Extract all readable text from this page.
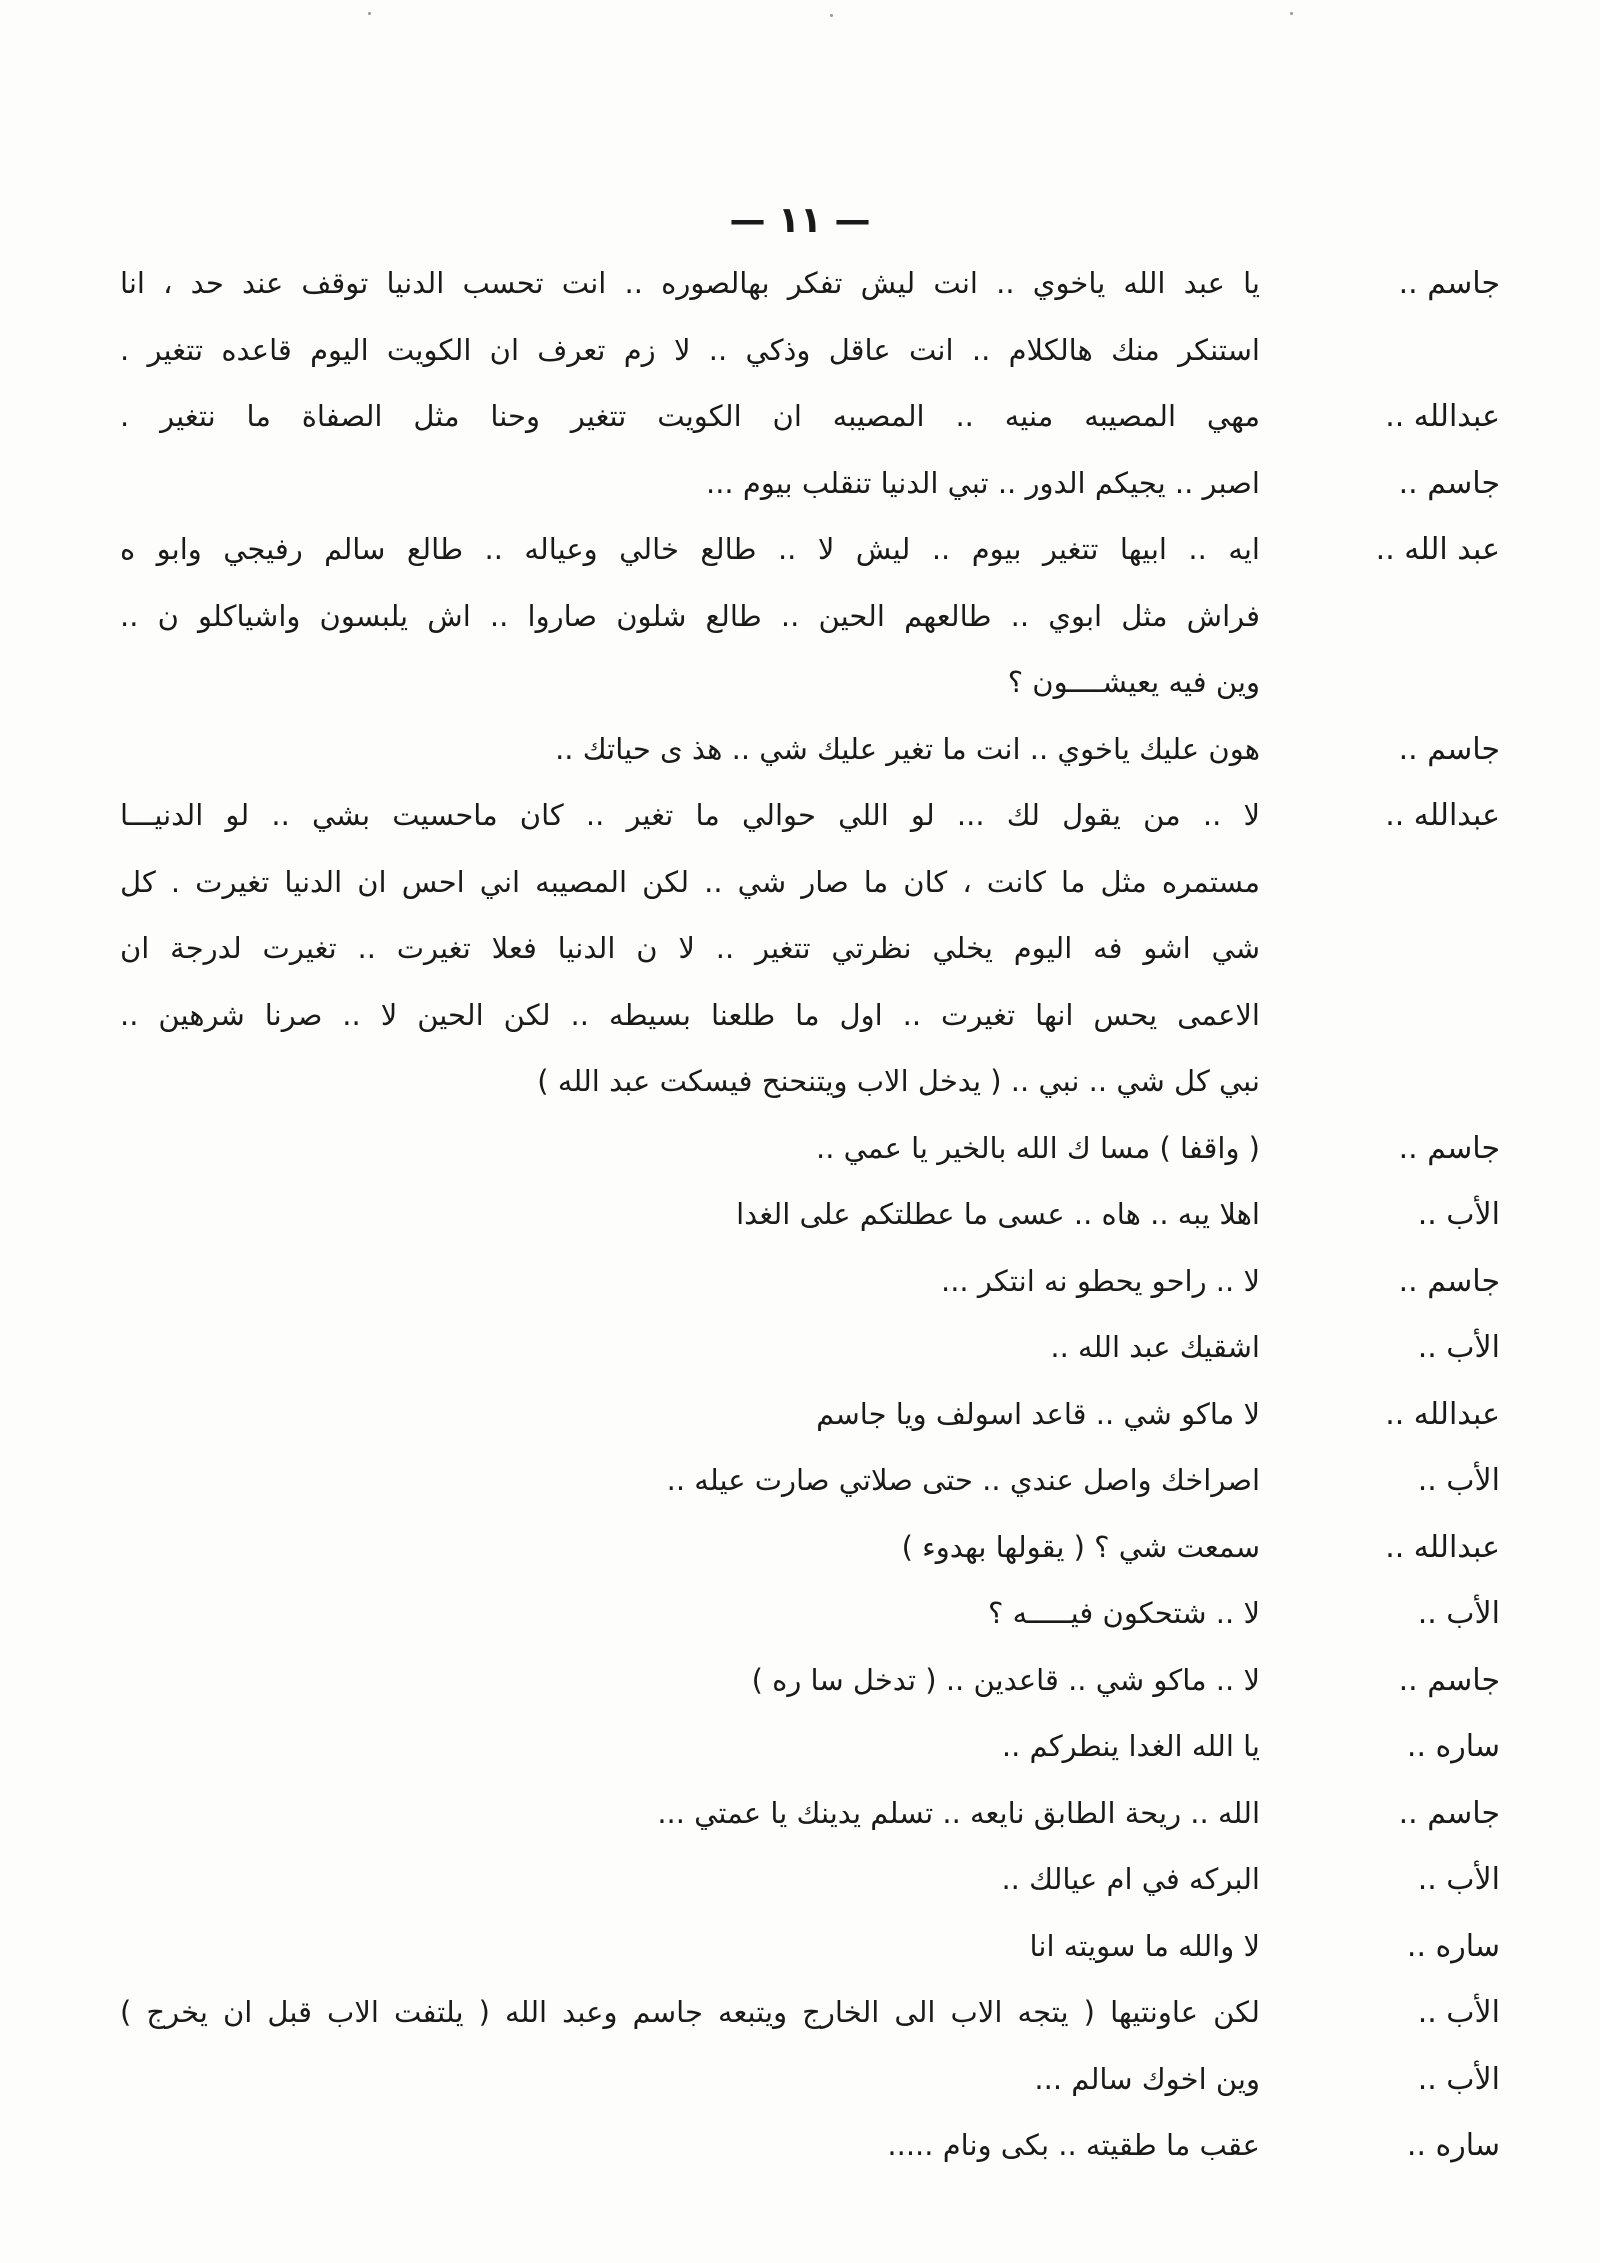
— ١١ —
جاسم ..
يا عبد الله ياخوي .. انت ليش تفكر بهالصوره .. انت تحسب الدنيا توقف عند حد ، انا
استنكر منك هالكلام .. انت عاقل وذكي .. لا زم تعرف ان الكويت اليوم قاعده تتغير .
عبدالله ..
مهي المصيبه منيه .. المصيبه ان الكويت تتغير وحنا مثل الصفاة ما نتغير .
جاسم ..
اصبر .. يجيكم الدور .. تبي الدنيا تنقلب بيوم ...
عبد الله ..
ايه .. ابيها تتغير بيوم .. ليش لا .. طالع خالي وعياله .. طالع سالم رفيجي وابو ه
فراش مثل ابوي .. طالعهم الحين .. طالع شلون صاروا .. اش يلبسون واشياكلو ن ..
وين فيه يعيشــــون ؟
جاسم ..
هون عليك ياخوي .. انت ما تغير عليك شي .. هذ ى حياتك ..
عبدالله ..
لا .. من يقول لك ... لو اللي حوالي ما تغير .. كان ماحسيت بشي .. لو الدنيـــا
مستمره مثل ما كانت ، كان ما صار شي .. لكن المصيبه اني احس ان الدنيا تغيرت . كل
شي اشو فه اليوم يخلي نظرتي تتغير .. لا ن الدنيا فعلا تغيرت .. تغيرت لدرجة ان
الاعمى يحس انها تغيرت .. اول ما طلعنا بسيطه .. لكن الحين لا .. صرنا شرهين ..
نبي كل شي .. نبي .. ( يدخل الاب ويتنحنح فيسكت عبد الله )
جاسم ..
( واقفا ) مسا ك الله بالخير يا عمي ..
الأب ..
اهلا يبه .. هاه .. عسى ما عطلتكم على الغدا
جاسم ..
لا .. راحو يحطو نه انتكر ...
الأب ..
اشقيك عبد الله ..
عبدالله ..
لا ماكو شي .. قاعد اسولف ويا جاسم
الأب ..
اصراخك واصل عندي .. حتى صلاتي صارت عيله ..
عبدالله ..
سمعت شي ؟ ( يقولها بهدوء )
الأب ..
لا .. شتحكون فيـــــه ؟
جاسم ..
لا .. ماكو شي .. قاعدين .. ( تدخل سا ره )
ساره ..
يا الله الغدا ينطركم ..
جاسم ..
الله .. ريحة الطابق نايعه .. تسلم يدينك يا عمتي ...
الأب ..
البركه في ام عيالك ..
ساره ..
لا والله ما سويته انا
الأب ..
لكن عاونتيها ( يتجه الاب الى الخارج ويتبعه جاسم وعبد الله ( يلتفت الاب قبل ان يخرج )
الأب ..
وين اخوك سالم ...
ساره ..
عقب ما طقيته .. بكى ونام .....
